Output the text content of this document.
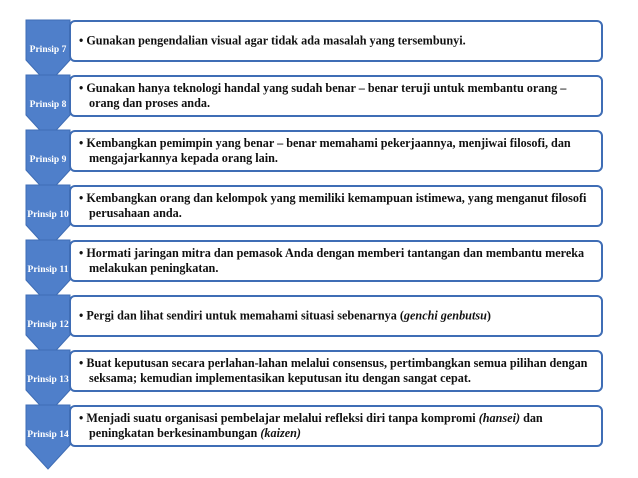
Prinsip 7
• Gunakan pengendalian visual agar tidak ada masalah yang tersembunyi.
Prinsip 8
• Gunakan hanya teknologi handal yang sudah benar – benar teruji untuk membantu orang – orang dan proses anda.
Prinsip 9
• Kembangkan pemimpin yang benar – benar memahami pekerjaannya, menjiwai filosofi, dan mengajarkannya kepada orang lain.
Prinsip 10
• Kembangkan orang dan kelompok yang memiliki kemampuan istimewa, yang menganut filosofi perusahaan anda.
Prinsip 11
• Hormati jaringan mitra dan pemasok Anda dengan memberi tantangan dan membantu mereka melakukan peningkatan.
Prinsip 12
• Pergi dan lihat sendiri untuk memahami situasi sebenarnya (genchi genbutsu)
Prinsip 13
• Buat keputusan secara perlahan-lahan melalui consensus, pertimbangkan semua pilihan dengan seksama; kemudian implementasikan keputusan itu dengan sangat cepat.
Prinsip 14
• Menjadi suatu organisasi pembelajar melalui refleksi diri tanpa kompromi (hansei) dan peningkatan berkesinambungan (kaizen)
